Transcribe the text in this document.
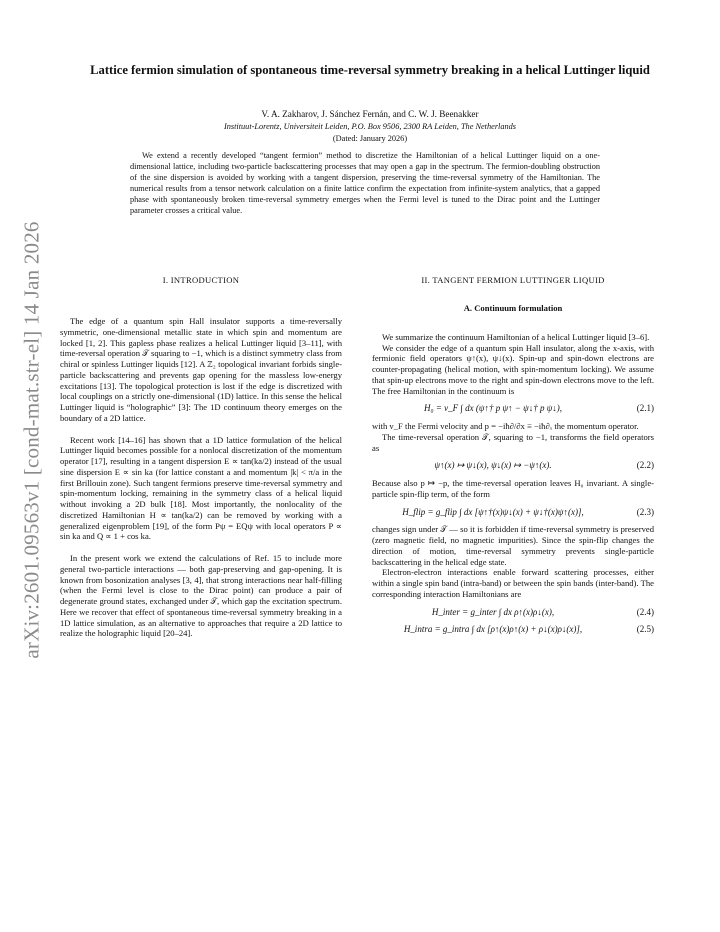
arXiv:2601.09563v1 [cond-mat.str-el] 14 Jan 2026
Lattice fermion simulation of spontaneous time-reversal symmetry breaking in a helical Luttinger liquid
V. A. Zakharov, J. Sánchez Fernán, and C. W. J. Beenakker
Instituut-Lorentz, Universiteit Leiden, P.O. Box 9506, 2300 RA Leiden, The Netherlands
(Dated: January 2026)

We extend a recently developed “tangent fermion” method to discretize the Hamiltonian of a helical Luttinger liquid on a one-dimensional lattice, including two-particle backscattering processes that may open a gap in the spectrum. The fermion-doubling obstruction of the sine dispersion is avoided by working with a tangent dispersion, preserving the time-reversal symmetry of the Hamiltonian. The numerical results from a tensor network calculation on a finite lattice confirm the expectation from infinite-system analytics, that a gapped phase with spontaneously broken time-reversal symmetry emerges when the Fermi level is tuned to the Dirac point and the Luttinger parameter crosses a critical value.

I. INTRODUCTION

The edge of a quantum spin Hall insulator supports a time-reversally symmetric, one-dimensional metallic state in which spin and momentum are locked [1, 2]. This gapless phase realizes a helical Luttinger liquid [3–11], with time-reversal operation 𝒯 squaring to −1, which is a distinct symmetry class from chiral or spinless Luttinger liquids [12]. A ℤ₂ topological invariant forbids single-particle backscattering and prevents gap opening for the massless low-energy excitations [13]. The topological protection is lost if the edge is discretized with local couplings on a strictly one-dimensional (1D) lattice. In this sense the helical Luttinger liquid is “holographic” [3]: The 1D continuum theory emerges on the boundary of a 2D lattice.

Recent work [14–16] has shown that a 1D lattice formulation of the helical Luttinger liquid becomes possible for a nonlocal discretization of the momentum operator [17], resulting in a tangent dispersion E ∝ tan(ka/2) instead of the usual sine dispersion E ∝ sin ka (for lattice constant a and momentum |k| < π/a in the first Brillouin zone). Such tangent fermions preserve time-reversal symmetry and spin-momentum locking, remaining in the symmetry class of a helical liquid without invoking a 2D bulk [18]. Most importantly, the nonlocality of the discretized Hamiltonian H ∝ tan(ka/2) can be removed by working with a generalized eigenproblem [19], of the form Pψ = EQψ with local operators P ∝ sin ka and Q ∝ 1 + cos ka.

In the present work we extend the calculations of Ref. 15 to include more general two-particle interactions — both gap-preserving and gap-opening. It is known from bosonization analyses [3, 4], that strong interactions near half-filling (when the Fermi level is close to the Dirac point) can produce a pair of degenerate ground states, exchanged under 𝒯, which gap the excitation spectrum. Here we recover that effect of spontaneous time-reversal symmetry breaking in a 1D lattice simulation, as an alternative to approaches that require a 2D lattice to realize the holographic liquid [20–24].

II. TANGENT FERMION LUTTINGER LIQUID
A. Continuum formulation

We summarize the continuum Hamiltonian of a helical Luttinger liquid [3–6].

We consider the edge of a quantum spin Hall insulator, along the x-axis, with fermionic field operators ψ↑(x), ψ↓(x). Spin-up and spin-down electrons are counter-propagating (helical motion, with spin-momentum locking). We assume that spin-up electrons move to the right and spin-down electrons move to the left. The free Hamiltonian in the continuum is

H₀ = v_F ∫ dx (ψ↑† p ψ↑ − ψ↓† p ψ↓),	(2.1)

with v_F the Fermi velocity and p = −iħ∂/∂x ≡ −iħ∂ₓ the momentum operator.

The time-reversal operation 𝒯, squaring to −1, transforms the field operators as

ψ↑(x) ↦ ψ↓(x), ψ↓(x) ↦ −ψ↑(x).	(2.2)

Because also p ↦ −p, the time-reversal operation leaves H₀ invariant. A single-particle spin-flip term, of the form

H_flip = g_flip ∫ dx [ψ↑†(x)ψ↓(x) + ψ↓†(x)ψ↑(x)],	(2.3)

changes sign under 𝒯 — so it is forbidden if time-reversal symmetry is preserved (zero magnetic field, no magnetic impurities). Since the spin-flip changes the direction of motion, time-reversal symmetry prevents single-particle backscattering in the helical edge state.

Electron-electron interactions enable forward scattering processes, either within a single spin band (intra-band) or between the spin bands (inter-band). The corresponding interaction Hamiltonians are

H_inter = g_inter ∫ dx ρ↑(x)ρ↓(x),	(2.4)
H_intra = g_intra ∫ dx [ρ↑(x)ρ↑(x) + ρ↓(x)ρ↓(x)],	(2.5)
